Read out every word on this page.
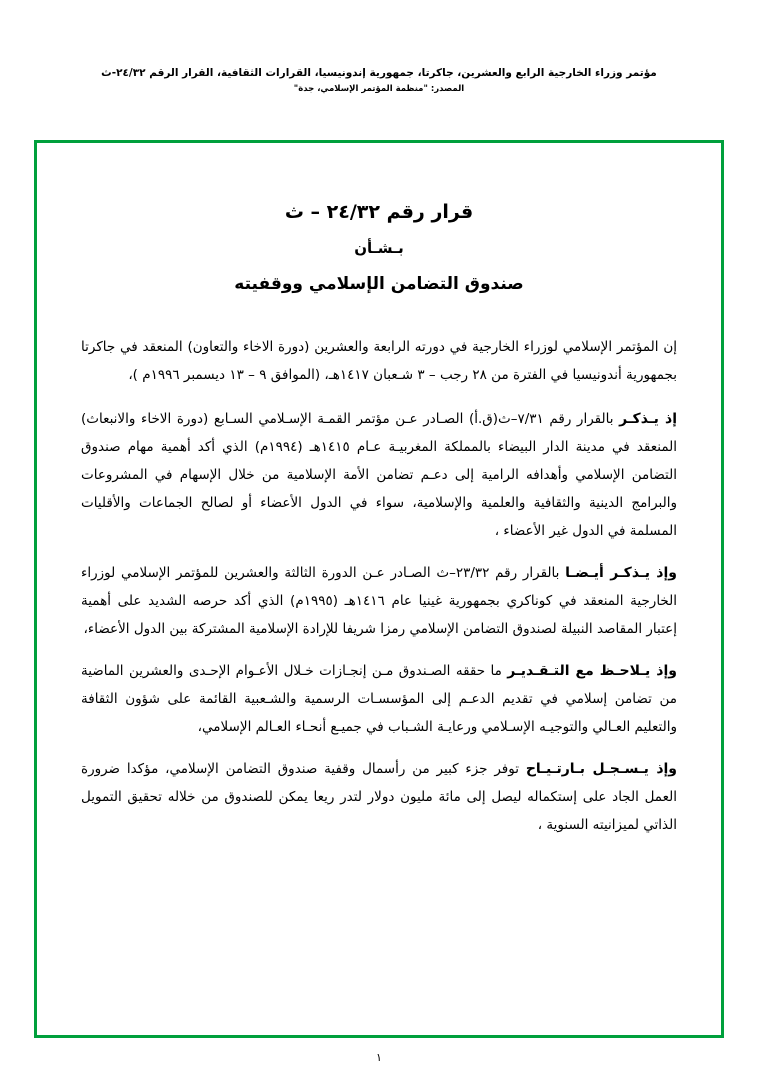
مؤتمر وزراء الخارجية الرابع والعشرين، جاكرتا، جمهورية إندونيسيا، القرارات الثقافية، القرار الرقم ٢٤/٣٢-ث
المصدر: "منظمة المؤتمر الإسلامي، جدة"
قرار رقم ٢٤/٣٢ – ث
بـشـأن
صندوق التضامن الإسلامي ووقفيته

إن المؤتمر الإسلامي لوزراء الخارجية في دورته الرابعة والعشرين (دورة الاخاء والتعاون) المنعقد في جاكرتا بجمهورية أندونيسيا في الفترة من ٢٨ رجب – ٣ شـعبان ١٤١٧هـ، (الموافق ٩ – ١٣ ديسمبر ١٩٩٦م )،

إذ يـذكـر بالقرار رقم ٧/٣١–ث(ق.أ) الصـادر عـن مؤتمر القمـة الإسـلامي السـابع (دورة الاخاء والانبعاث) المنعقد في مدينة الدار البيضاء بالمملكة المغربيـة عـام ١٤١٥هـ (١٩٩٤م) الذي أكد أهمية مهام صندوق التضامن الإسلامي وأهدافه الرامية إلى دعـم تضامن الأمة الإسلامية من خلال الإسهام في المشروعات والبرامج الدينية والثقافية والعلمية والإسلامية، سواء في الدول الأعضاء أو لصالح الجماعات والأقليات المسلمة في الدول غير الأعضاء ،

وإذ يـذكـر أيـضـا بالقرار رقم ٢٣/٣٢–ث الصـادر عـن الدورة الثالثة والعشرين للمؤتمر الإسلامي لوزراء الخارجية المنعقد في كوناكري بجمهورية غينيا عام ١٤١٦هـ (١٩٩٥م) الذي أكد حرصه الشديد على أهمية إعتبار المقاصد النبيلة لصندوق التضامن الإسلامي رمزا شريفا للإرادة الإسلامية المشتركة بين الدول الأعضاء،

وإذ يـلاحـظ مع التـقـديـر ما حققه الصـندوق مـن إنجـازات خـلال الأعـوام الإحـدى والعشرين الماضية من تضامن إسلامي في تقديم الدعـم إلى المؤسسـات الرسمية والشـعبية القائمة على شؤون الثقافة والتعليم العـالي والتوجيـه الإسـلامي ورعايـة الشـباب في جميـع أنحـاء العـالم الإسلامي،

وإذ يـسـجـل بـارتـيـاح توفر جزء كبير من رأسمال وقفية صندوق التضامن الإسلامي، مؤكدا ضرورة العمل الجاد على إستكماله ليصل إلى مائة مليون دولار لتدر ريعا يمكن للصندوق من خلاله تحقيق التمويل الذاتي لميزانيته السنوية ،

١
